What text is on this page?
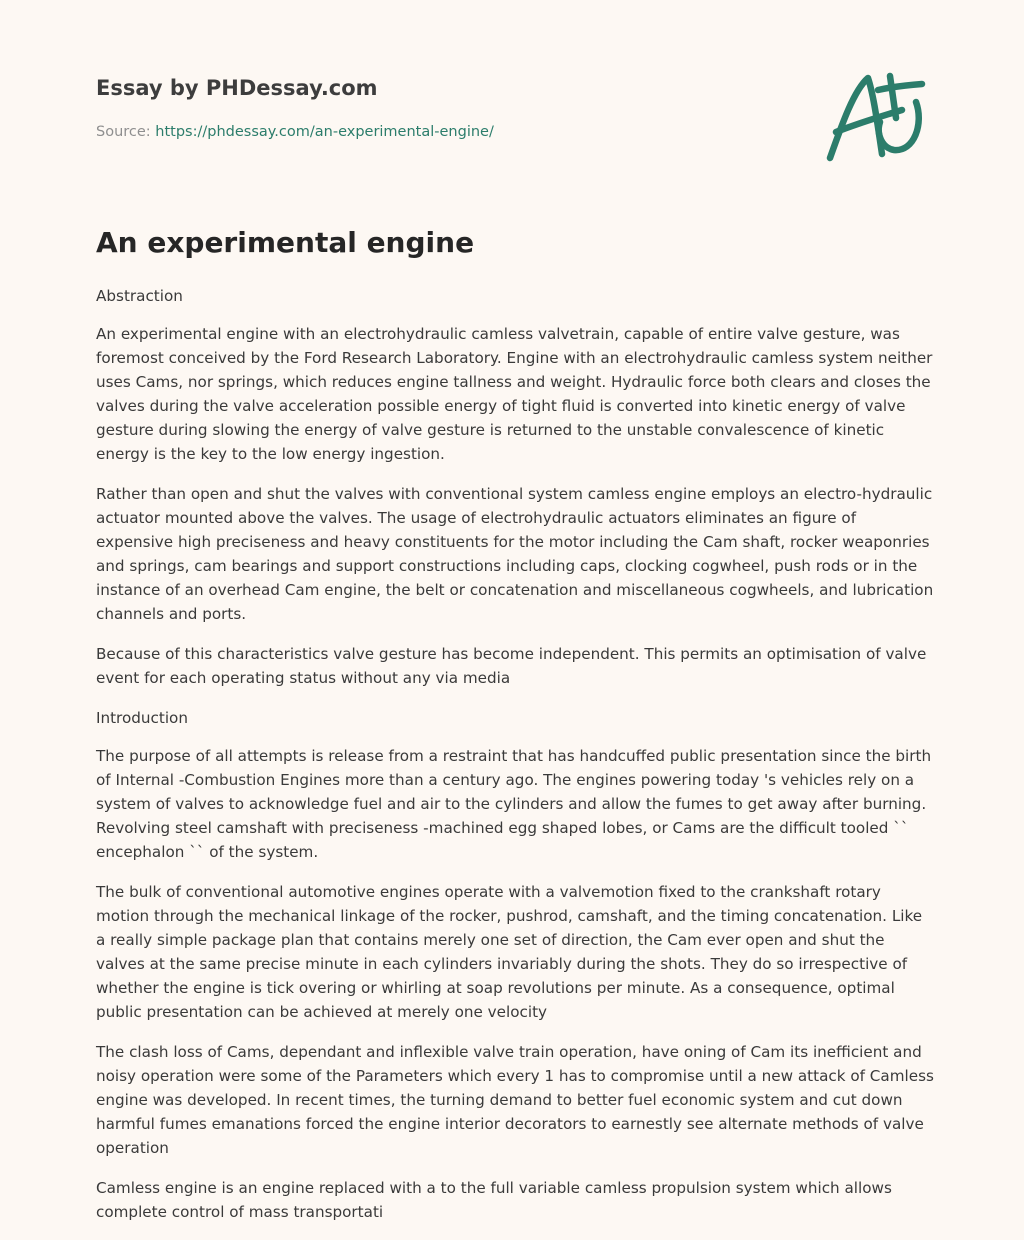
Essay by PHDessay.com
Source: https://phdessay.com/an-experimental-engine/
An experimental engine

Abstraction

An experimental engine with an electrohydraulic camless valvetrain, capable of entire valve gesture, was foremost conceived by the Ford Research Laboratory. Engine with an electrohydraulic camless system neither uses Cams, nor springs, which reduces engine tallness and weight. Hydraulic force both clears and closes the valves during the valve acceleration possible energy of tight fluid is converted into kinetic energy of valve gesture during slowing the energy of valve gesture is returned to the unstable convalescence of kinetic energy is the key to the low energy ingestion.

Rather than open and shut the valves with conventional system camless engine employs an electro-hydraulic actuator mounted above the valves. The usage of electrohydraulic actuators eliminates an figure of expensive high preciseness and heavy constituents for the motor including the Cam shaft, rocker weaponries and springs, cam bearings and support constructions including caps, clocking cogwheel, push rods or in the instance of an overhead Cam engine, the belt or concatenation and miscellaneous cogwheels, and lubrication channels and ports.

Because of this characteristics valve gesture has become independent. This permits an optimisation of valve event for each operating status without any via media

Introduction

The purpose of all attempts is release from a restraint that has handcuffed public presentation since the birth of Internal -Combustion Engines more than a century ago. The engines powering today 's vehicles rely on a system of valves to acknowledge fuel and air to the cylinders and allow the fumes to get away after burning. Revolving steel camshaft with preciseness -machined egg shaped lobes, or Cams are the difficult tooled `` encephalon `` of the system.

The bulk of conventional automotive engines operate with a valvemotion fixed to the crankshaft rotary motion through the mechanical linkage of the rocker, pushrod, camshaft, and the timing concatenation. Like a really simple package plan that contains merely one set of direction, the Cam ever open and shut the valves at the same precise minute in each cylinders invariably during the shots. They do so irrespective of whether the engine is tick overing or whirling at soap revolutions per minute. As a consequence, optimal public presentation can be achieved at merely one velocity

The clash loss of Cams, dependant and inflexible valve train operation, have oning of Cam its inefficient and noisy operation were some of the Parameters which every 1 has to compromise until a new attack of Camless engine was developed. In recent times, the turning demand to better fuel economic system and cut down harmful fumes emanations forced the engine interior decorators to earnestly see alternate methods of valve operation

Camless engine is an engine replaced with a to the full variable camless propulsion system which allows complete control of mass transportati
